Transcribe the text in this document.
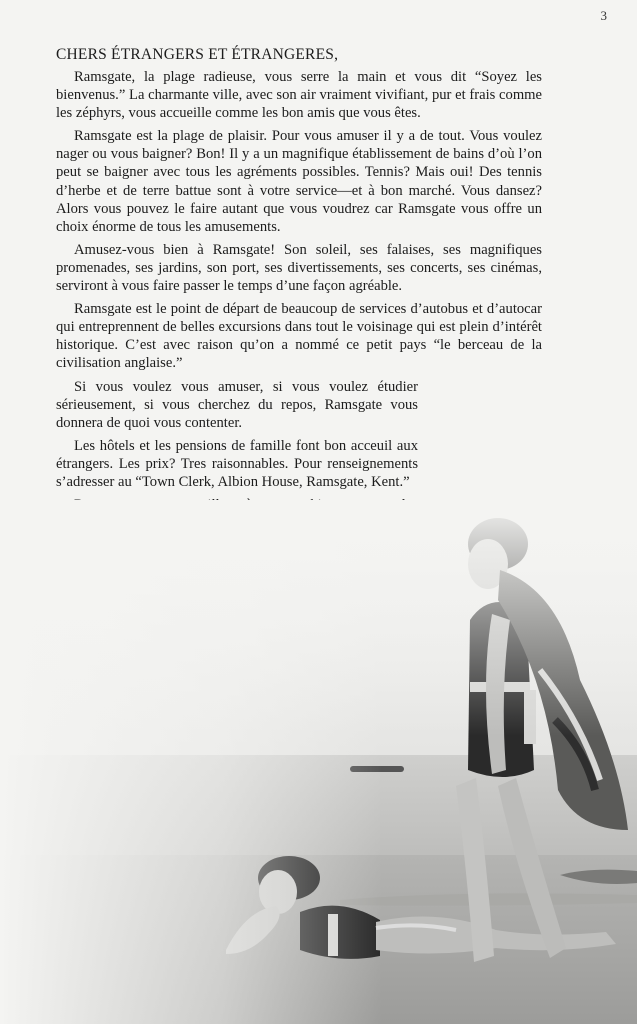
3
CHERS ÉTRANGERS ET ÉTRANGERES,

Ramsgate, la plage radieuse, vous serre la main et vous dit “Soyez les bienvenus.” La charmante ville, avec son air vraiment vivifiant, pur et frais comme les zéphyrs, vous accueille comme les bon amis que vous êtes.

Ramsgate est la plage de plaisir. Pour vous amuser il y a de tout. Vous voulez nager ou vous baigner? Bon! Il y a un magnifique établissement de bains d’où l’on peut se baigner avec tous les agréments possibles. Tennis? Mais oui! Des tennis d’herbe et de terre battue sont à votre service—et à bon marché. Vous dansez? Alors vous pouvez le faire autant que vous voudrez car Ramsgate vous offre un choix énorme de tous les amusements.

Amusez-vous bien à Ramsgate! Son soleil, ses falaises, ses magnifiques promenades, ses jardins, son port, ses divertissements, ses concerts, ses cinémas, serviront à vous faire passer le temps d’une façon agréable.

Ramsgate est le point de départ de beaucoup de services d’autobus et d’autocar qui entreprennent de belles excursions dans tout le voisinage qui est plein d’intérêt historique. C’est avec raison qu’on a nommé ce petit pays “le berceau de la civilisation anglaise.”

Si vous voulez vous amuser, si vous voulez étudier sérieusement, si vous cherchez du repos, Ramsgate vous donnera de quoi vous contenter.

Les hôtels et les pensions de famille font bon acceuil aux étrangers. Les prix? Tres raisonnables. Pour renseignements s’adresser au “Town Clerk, Albion House, Ramsgate, Kent.”
